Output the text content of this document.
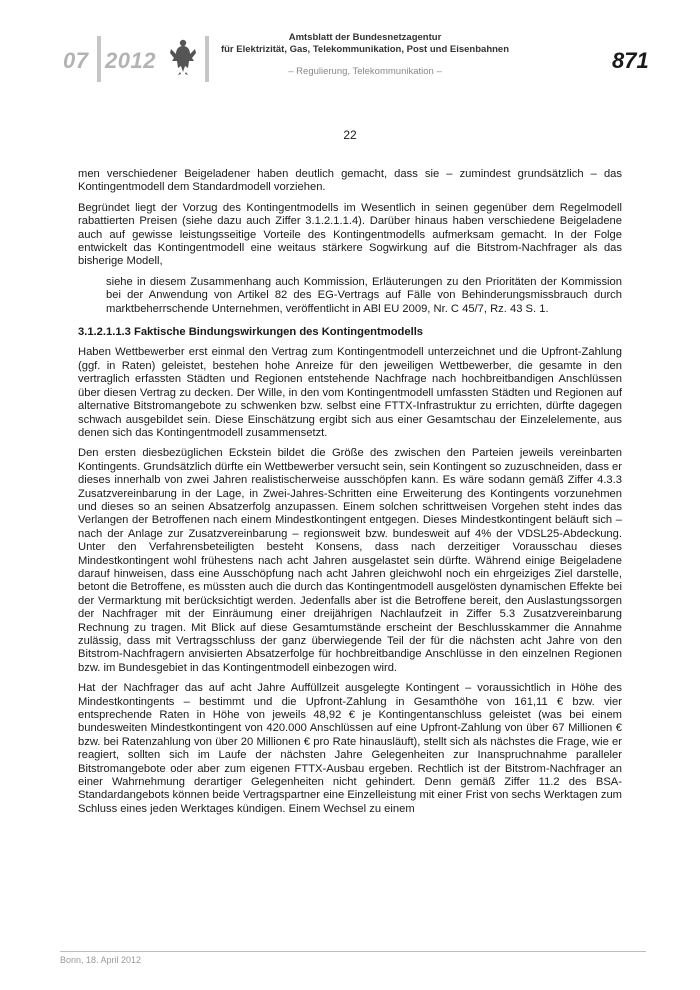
07 2012
Amtsblatt der Bundesnetzagentur
für Elektrizität, Gas, Telekommunikation, Post und Eisenbahnen
– Regulierung, Telekommunikation –	871
22

men verschiedener Beigeladener haben deutlich gemacht, dass sie – zumindest grundsätzlich – das Kontingentmodell dem Standardmodell vorziehen.

Begründet liegt der Vorzug des Kontingentmodells im Wesentlich in seinen gegenüber dem Regelmodell rabattierten Preisen (siehe dazu auch Ziffer 3.1.2.1.1.4). Darüber hinaus haben verschiedene Beigeladene auch auf gewisse leistungsseitige Vorteile des Kontingentmodells aufmerksam gemacht. In der Folge entwickelt das Kontingentmodell eine weitaus stärkere Sogwirkung auf die Bitstrom-Nachfrager als das bisherige Modell,

siehe in diesem Zusammenhang auch Kommission, Erläuterungen zu den Prioritäten der Kommission bei der Anwendung von Artikel 82 des EG-Vertrags auf Fälle von Behinderungsmissbrauch durch marktbeherrschende Unternehmen, veröffentlicht in ABl EU 2009, Nr. C 45/7, Rz. 43 S. 1.

3.1.2.1.1.3 Faktische Bindungswirkungen des Kontingentmodells

Haben Wettbewerber erst einmal den Vertrag zum Kontingentmodell unterzeichnet und die Upfront-Zahlung (ggf. in Raten) geleistet, bestehen hohe Anreize für den jeweiligen Wettbewerber, die gesamte in den vertraglich erfassten Städten und Regionen entstehende Nachfrage nach hochbreitbandigen Anschlüssen über diesen Vertrag zu decken. Der Wille, in den vom Kontingentmodell umfassten Städten und Regionen auf alternative Bitstromangebote zu schwenken bzw. selbst eine FTTX-Infrastruktur zu errichten, dürfte dagegen schwach ausgebildet sein. Diese Einschätzung ergibt sich aus einer Gesamtschau der Einzelelemente, aus denen sich das Kontingentmodell zusammensetzt.

Den ersten diesbezüglichen Eckstein bildet die Größe des zwischen den Parteien jeweils vereinbarten Kontingents. Grundsätzlich dürfte ein Wettbewerber versucht sein, sein Kontingent so zuzuschneiden, dass er dieses innerhalb von zwei Jahren realistischerweise ausschöpfen kann. Es wäre sodann gemäß Ziffer 4.3.3 Zusatzvereinbarung in der Lage, in Zwei-Jahres-Schritten eine Erweiterung des Kontingents vorzunehmen und dieses so an seinen Absatzerfolg anzupassen. Einem solchen schrittweisen Vorgehen steht indes das Verlangen der Betroffenen nach einem Mindestkontingent entgegen. Dieses Mindestkontingent beläuft sich – nach der Anlage zur Zusatzvereinbarung – regionsweit bzw. bundesweit auf 4% der VDSL25-Abdeckung. Unter den Verfahrensbeteiligten besteht Konsens, dass nach derzeitiger Vorausschau dieses Mindestkontingent wohl frühestens nach acht Jahren ausgelastet sein dürfte. Während einige Beigeladene darauf hinweisen, dass eine Ausschöpfung nach acht Jahren gleichwohl noch ein ehrgeiziges Ziel darstelle, betont die Betroffene, es müssten auch die durch das Kontingentmodell ausgelösten dynamischen Effekte bei der Vermarktung mit berücksichtigt werden. Jedenfalls aber ist die Betroffene bereit, den Auslastungssorgen der Nachfrager mit der Einräumung einer dreijährigen Nachlaufzeit in Ziffer 5.3 Zusatzvereinbarung Rechnung zu tragen. Mit Blick auf diese Gesamtumstände erscheint der Beschlusskammer die Annahme zulässig, dass mit Vertragsschluss der ganz überwiegende Teil der für die nächsten acht Jahre von den Bitstrom-Nachfragern anvisierten Absatzerfolge für hochbreitbandige Anschlüsse in den einzelnen Regionen bzw. im Bundesgebiet in das Kontingentmodell einbezogen wird.

Hat der Nachfrager das auf acht Jahre Auffüllzeit ausgelegte Kontingent – voraussichtlich in Höhe des Mindestkontingents – bestimmt und die Upfront-Zahlung in Gesamthöhe von 161,11 € bzw. vier entsprechende Raten in Höhe von jeweils 48,92 € je Kontingentanschluss geleistet (was bei einem bundesweiten Mindestkontingent von 420.000 Anschlüssen auf eine Upfront-Zahlung von über 67 Millionen € bzw. bei Ratenzahlung von über 20 Millionen € pro Rate hinausläuft), stellt sich als nächstes die Frage, wie er reagiert, sollten sich im Laufe der nächsten Jahre Gelegenheiten zur Inanspruchnahme paralleler Bitstromangebote oder aber zum eigenen FTTX-Ausbau ergeben. Rechtlich ist der Bitstrom-Nachfrager an einer Wahrnehmung derartiger Gelegenheiten nicht gehindert. Denn gemäß Ziffer 11.2 des BSA-Standardangebots können beide Vertragspartner eine Einzelleistung mit einer Frist von sechs Werktagen zum Schluss eines jeden Werktages kündigen. Einem Wechsel zu einem

Bonn, 18. April 2012
